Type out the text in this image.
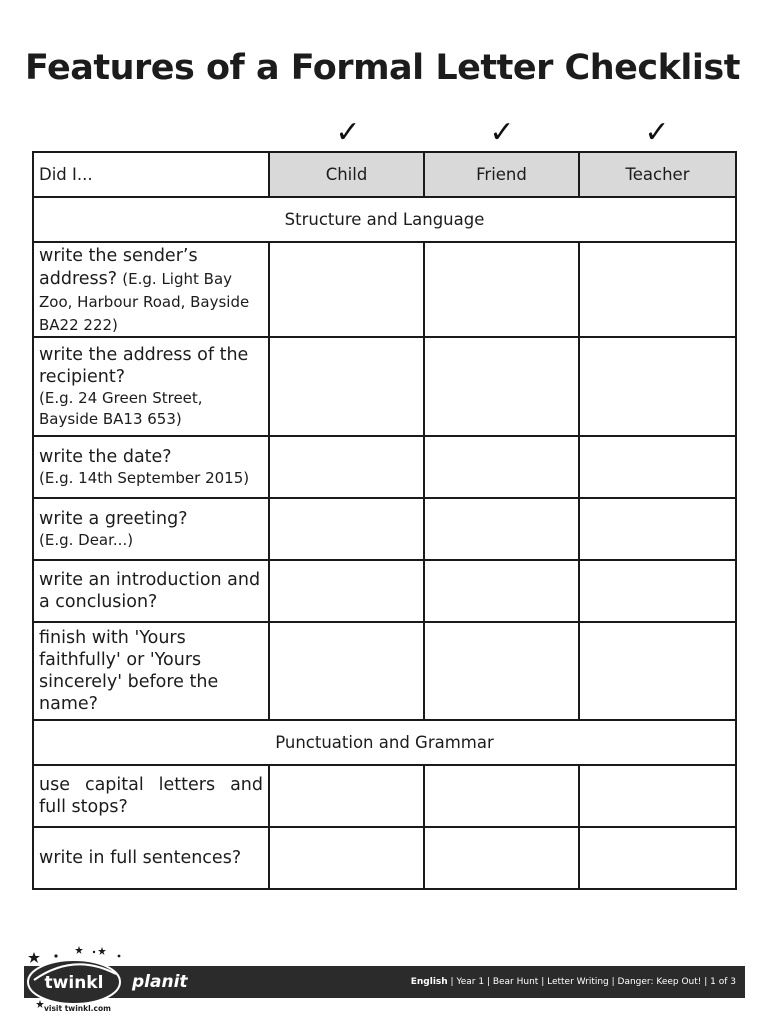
Features of a Formal Letter Checklist
✓	✓	✓
Did I...	Child	Friend	Teacher
Structure and Language			
write the sender’s address? (E.g. Light Bay Zoo, Harbour Road, Bayside BA22 222)			

write the address of the recipient?
(E.g. 24 Green Street, Bayside BA13 653)			

write the date?
(E.g. 14th September 2015)			

write a greeting?
(E.g. Dear...)			

write an introduction and a conclusion?			

finish with 'Yours faithfully' or 'Yours sincerely' before the name?			

Punctuation and Grammar			

use capital letters and full stops?			

write in full sentences?			

twinkl planit	English | Year 1 | Bear Hunt | Letter Writing | Danger: Keep Out! | 1 of 3
visit twinkl.com
